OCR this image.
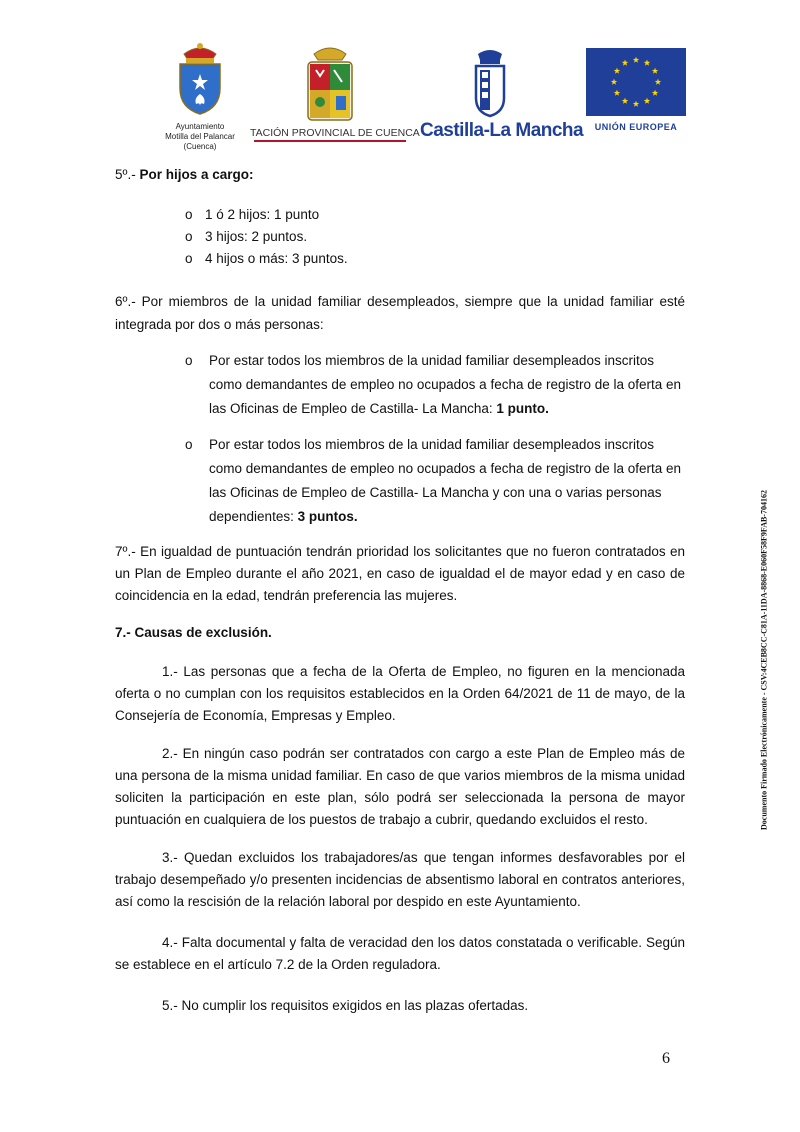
Ayuntamiento
Motilla del Palancar
(Cuenca)
TACIÓN PROVINCIAL DE CUENCA Castilla-La Mancha	UNIÓN EUROPEA
5º.- Por hijos a cargo:
o 1 ó 2 hijos: 1 punto
o 3 hijos: 2 puntos.
o 4 hijos o más: 3 puntos.
6º.- Por miembros de la unidad familiar desempleados, siempre que la unidad familiar esté integrada por dos o más personas:
o Por estar todos los miembros de la unidad familiar desempleados inscritos
como demandantes de empleo no ocupados a fecha de registro de la oferta en
las Oficinas de Empleo de Castilla- La Mancha: 1 punto.
o Por estar todos los miembros de la unidad familiar desempleados inscritos
como demandantes de empleo no ocupados a fecha de registro de la oferta en
las Oficinas de Empleo de Castilla- La Mancha y con una o varias personas
dependientes: 3 puntos.
7º.- En igualdad de puntuación tendrán prioridad los solicitantes que no fueron contratados en un Plan de Empleo durante el año 2021, en caso de igualdad el de mayor edad y en caso de coincidencia en la edad, tendrán preferencia las mujeres.
7.- Causas de exclusión.
1.- Las personas que a fecha de la Oferta de Empleo, no figuren en la mencionada oferta o no cumplan con los requisitos establecidos en la Orden 64/2021 de 11 de mayo, de la Consejería de Economía, Empresas y Empleo.
2.- En ningún caso podrán ser contratados con cargo a este Plan de Empleo más de una persona de la misma unidad familiar. En caso de que varios miembros de la misma unidad soliciten la participación en este plan, sólo podrá ser seleccionada la persona de mayor puntuación en cualquiera de los puestos de trabajo a cubrir, quedando excluidos el resto.
3.- Quedan excluidos los trabajadores/as que tengan informes desfavorables por el trabajo desempeñado y/o presenten incidencias de absentismo laboral en contratos anteriores, así como la rescisión de la relación laboral por despido en este Ayuntamiento.
4.- Falta documental y falta de veracidad den los datos constatada o verificable. Según se establece en el artículo 7.2 de la Orden reguladora.
5.- No cumplir los requisitos exigidos en las plazas ofertadas.
Documento Firmado Electrónicamente - CSV:4CEB8CC-C81A-11DA-8868-E060F58F9FAB-704162
6
